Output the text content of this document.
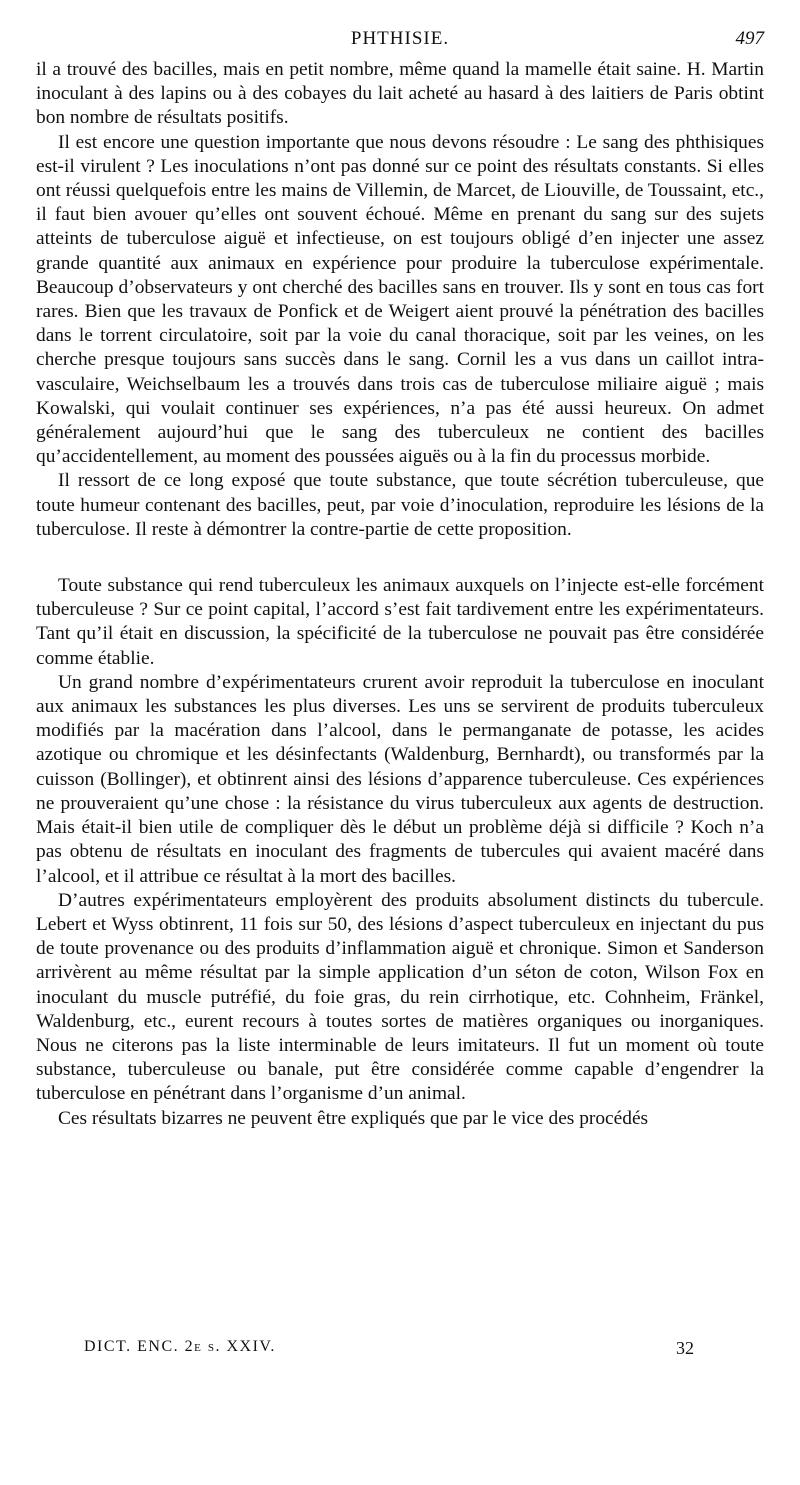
PHTHISIE.	497

il a trouvé des bacilles, mais en petit nombre, même quand la mamelle était saine. H. Martin inoculant à des lapins ou à des cobayes du lait acheté au hasard à des laitiers de Paris obtint bon nombre de résultats positifs.

Il est encore une question importante que nous devons résoudre : Le sang des phthisiques est-il virulent ? Les inoculations n’ont pas donné sur ce point des résultats constants. Si elles ont réussi quelquefois entre les mains de Villemin, de Marcet, de Liouville, de Toussaint, etc., il faut bien avouer qu’elles ont souvent échoué. Même en prenant du sang sur des sujets atteints de tuberculose aiguë et infectieuse, on est toujours obligé d’en injecter une assez grande quantité aux animaux en expérience pour produire la tuberculose expérimentale. Beaucoup d’observateurs y ont cherché des bacilles sans en trouver. Ils y sont en tous cas fort rares. Bien que les travaux de Ponfick et de Weigert aient prouvé la pénétration des bacilles dans le torrent circulatoire, soit par la voie du canal thoracique, soit par les veines, on les cherche presque toujours sans succès dans le sang. Cornil les a vus dans un caillot intra-vasculaire, Weichselbaum les a trouvés dans trois cas de tuberculose miliaire aiguë ; mais Kowalski, qui voulait continuer ses expériences, n’a pas été aussi heureux. On admet généralement aujourd’hui que le sang des tuberculeux ne contient des bacilles qu’accidentellement, au moment des poussées aiguës ou à la fin du processus morbide.

Il ressort de ce long exposé que toute substance, que toute sécrétion tuberculeuse, que toute humeur contenant des bacilles, peut, par voie d’inoculation, reproduire les lésions de la tuberculose. Il reste à démontrer la contre-partie de cette proposition.

Toute substance qui rend tuberculeux les animaux auxquels on l’injecte est-elle forcément tuberculeuse ? Sur ce point capital, l’accord s’est fait tardivement entre les expérimentateurs. Tant qu’il était en discussion, la spécificité de la tuberculose ne pouvait pas être considérée comme établie.

Un grand nombre d’expérimentateurs crurent avoir reproduit la tuberculose en inoculant aux animaux les substances les plus diverses. Les uns se servirent de produits tuberculeux modifiés par la macération dans l’alcool, dans le permanganate de potasse, les acides azotique ou chromique et les désinfectants (Waldenburg, Bernhardt), ou transformés par la cuisson (Bollinger), et obtinrent ainsi des lésions d’apparence tuberculeuse. Ces expériences ne prouveraient qu’une chose : la résistance du virus tuberculeux aux agents de destruction. Mais était-il bien utile de compliquer dès le début un problème déjà si difficile ? Koch n’a pas obtenu de résultats en inoculant des fragments de tubercules qui avaient macéré dans l’alcool, et il attribue ce résultat à la mort des bacilles.

D’autres expérimentateurs employèrent des produits absolument distincts du tubercule. Lebert et Wyss obtinrent, 11 fois sur 50, des lésions d’aspect tuberculeux en injectant du pus de toute provenance ou des produits d’inflammation aiguë et chronique. Simon et Sanderson arrivèrent au même résultat par la simple application d’un séton de coton, Wilson Fox en inoculant du muscle putréfié, du foie gras, du rein cirrhotique, etc. Cohnheim, Fränkel, Waldenburg, etc., eurent recours à toutes sortes de matières organiques ou inorganiques. Nous ne citerons pas la liste interminable de leurs imitateurs. Il fut un moment où toute substance, tuberculeuse ou banale, put être considérée comme capable d’engendrer la tuberculose en pénétrant dans l’organisme d’un animal.

Ces résultats bizarres ne peuvent être expliqués que par le vice des procédés

DICT. ENC. 2e s. XXIV.	32
